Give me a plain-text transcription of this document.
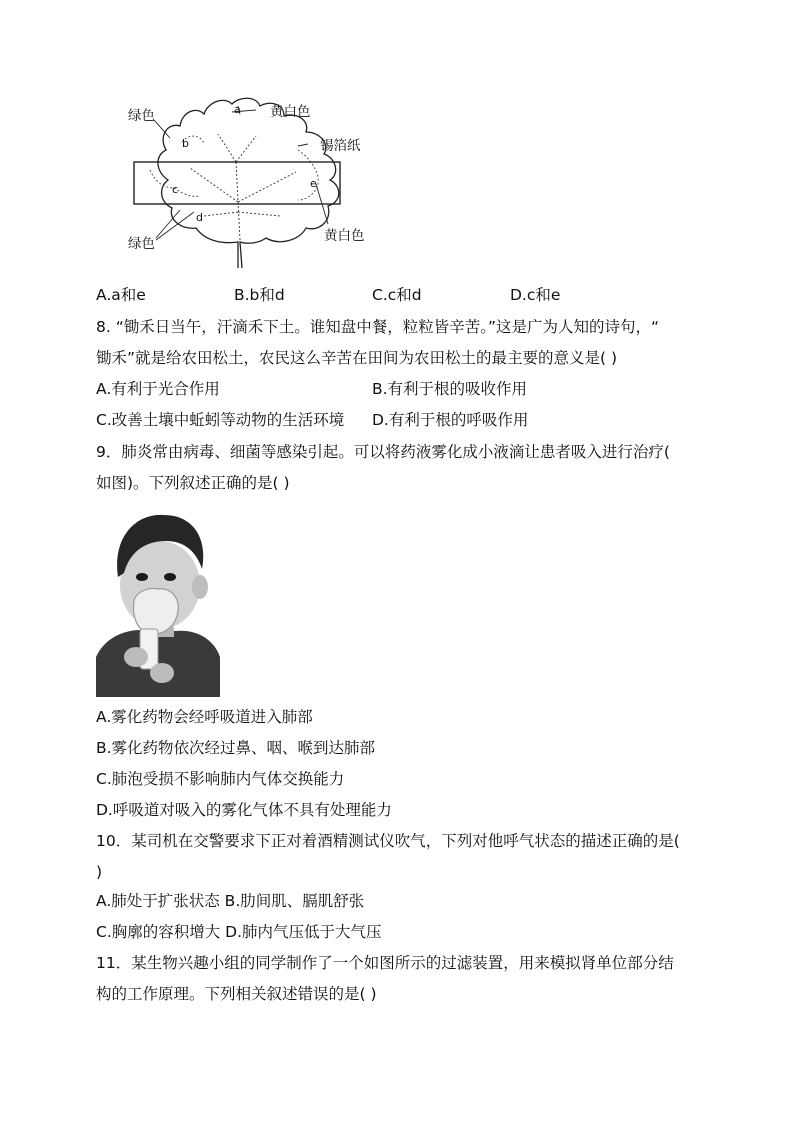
绿色	黄白色
锡箔纸
黄白色
绿色
a
b
c
d
e
A.a和e	B.b和d	C.c和d	D.c和e
8. “锄禾日当午，汗滴禾下土。谁知盘中餐，粒粒皆辛苦。”这是广为人知的诗句，“
锄禾”就是给农田松土，农民这么辛苦在田间为农田松土的最主要的意义是( )
A.有利于光合作用	B.有利于根的吸收作用
C.改善土壤中蚯蚓等动物的生活环境 D.有利于根的呼吸作用
9．肺炎常由病毒、细菌等感染引起。可以将药液雾化成小液滴让患者吸入进行治疗(
如图)。下列叙述正确的是( )
A.雾化药物会经呼吸道进入肺部
B.雾化药物依次经过鼻、咽、喉到达肺部
C.肺泡受损不影响肺内气体交换能力
D.呼吸道对吸入的雾化气体不具有处理能力
10．某司机在交警要求下正对着酒精测试仪吹气，下列对他呼气状态的描述正确的是(
)
A.肺处于扩张状态 B.肋间肌、膈肌舒张
C.胸廓的容积增大 D.肺内气压低于大气压
11．某生物兴趣小组的同学制作了一个如图所示的过滤装置，用来模拟肾单位部分结
构的工作原理。下列相关叙述错误的是( )
